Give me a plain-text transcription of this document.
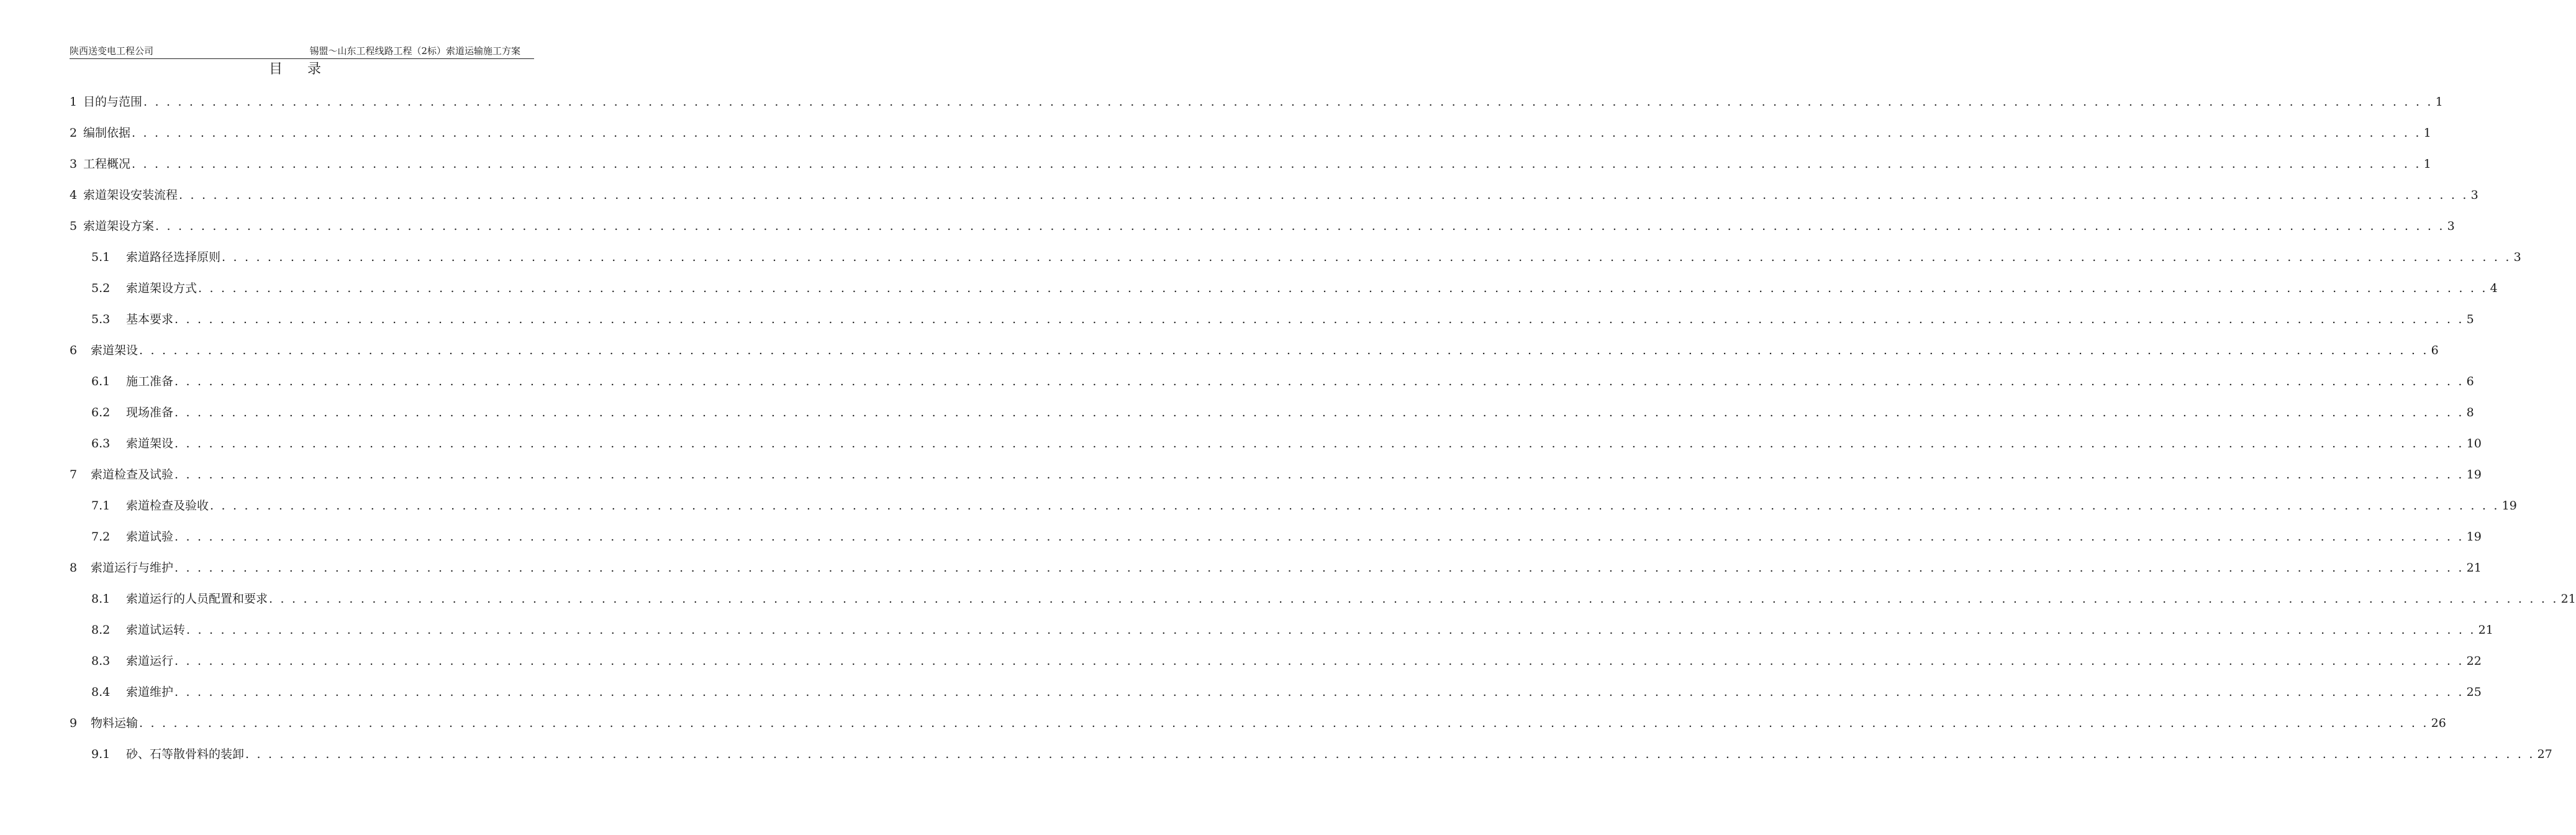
陕西送变电工程公司	锡盟～山东工程线路工程（2标）索道运输施工方案
目录
1 目的与范围 . . . . . . . . . . . . . . . . . . . . . . . . . . . . . . . . . . . . . . . . . . . . . . . . . . . . . . . . . . . . . . . . . . . . . . . . . . . . . . . . . . . . . . . . . . . . . . . . . . . . . . . . . . . . . . . . . . . . . . . . . . . . . . . . . . . . . . . . . . . . . . . . . . . . . . . . . . . . . . . . . . . . . . . . . . . . . . . . . . . . . . . . . . . . . . . . . . . . . . . . 1
2 编制依据 . . . . . . . . . . . . . . . . . . . . . . . . . . . . . . . . . . . . . . . . . . . . . . . . . . . . . . . . . . . . . . . . . . . . . . . . . . . . . . . . . . . . . . . . . . . . . . . . . . . . . . . . . . . . . . . . . . . . . . . . . . . . . . . . . . . . . . . . . . . . . . . . . . . . . . . . . . . . . . . . . . . . . . . . . . . . . . . . . . . . . . . . . . . . . . . . . . . . . . . . 1
3 工程概况 . . . . . . . . . . . . . . . . . . . . . . . . . . . . . . . . . . . . . . . . . . . . . . . . . . . . . . . . . . . . . . . . . . . . . . . . . . . . . . . . . . . . . . . . . . . . . . . . . . . . . . . . . . . . . . . . . . . . . . . . . . . . . . . . . . . . . . . . . . . . . . . . . . . . . . . . . . . . . . . . . . . . . . . . . . . . . . . . . . . . . . . . . . . . . . . . . . . . . . . . 1
4 索道架设安装流程 . . . . . . . . . . . . . . . . . . . . . . . . . . . . . . . . . . . . . . . . . . . . . . . . . . . . . . . . . . . . . . . . . . . . . . . . . . . . . . . . . . . . . . . . . . . . . . . . . . . . . . . . . . . . . . . . . . . . . . . . . . . . . . . . . . . . . . . . . . . . . . . . . . . . . . . . . . . . . . . . . . . . . . . . . . . . . . . . . . . . . . . . . . . . . . . . . . . . . . . . 3
5 索道架设方案 . . . . . . . . . . . . . . . . . . . . . . . . . . . . . . . . . . . . . . . . . . . . . . . . . . . . . . . . . . . . . . . . . . . . . . . . . . . . . . . . . . . . . . . . . . . . . . . . . . . . . . . . . . . . . . . . . . . . . . . . . . . . . . . . . . . . . . . . . . . . . . . . . . . . . . . . . . . . . . . . . . . . . . . . . . . . . . . . . . . . . . . . . . . . . . . . . . . . . . . . 3
5.1	索道路径选择原则 . . . . . . . . . . . . . . . . . . . . . . . . . . . . . . . . . . . . . . . . . . . . . . . . . . . . . . . . . . . . . . . . . . . . . . . . . . . . . . . . . . . . . . . . . . . . . . . . . . . . . . . . . . . . . . . . . . . . . . . . . . . . . . . . . . . . . . . . . . . . . . . . . . . . . . . . . . . . . . . . . . . . . . . . . . . . . . . . . . . . . . . . . . . . . . . . . . . . . . . . 3
5.2	索道架设方式 . . . . . . . . . . . . . . . . . . . . . . . . . . . . . . . . . . . . . . . . . . . . . . . . . . . . . . . . . . . . . . . . . . . . . . . . . . . . . . . . . . . . . . . . . . . . . . . . . . . . . . . . . . . . . . . . . . . . . . . . . . . . . . . . . . . . . . . . . . . . . . . . . . . . . . . . . . . . . . . . . . . . . . . . . . . . . . . . . . . . . . . . . . . . . . . . . . . . . . . . 4
5.3	基本要求 . . . . . . . . . . . . . . . . . . . . . . . . . . . . . . . . . . . . . . . . . . . . . . . . . . . . . . . . . . . . . . . . . . . . . . . . . . . . . . . . . . . . . . . . . . . . . . . . . . . . . . . . . . . . . . . . . . . . . . . . . . . . . . . . . . . . . . . . . . . . . . . . . . . . . . . . . . . . . . . . . . . . . . . . . . . . . . . . . . . . . . . . . . . . . . . . . . . . . . . . 5
6	索道架设 . . . . . . . . . . . . . . . . . . . . . . . . . . . . . . . . . . . . . . . . . . . . . . . . . . . . . . . . . . . . . . . . . . . . . . . . . . . . . . . . . . . . . . . . . . . . . . . . . . . . . . . . . . . . . . . . . . . . . . . . . . . . . . . . . . . . . . . . . . . . . . . . . . . . . . . . . . . . . . . . . . . . . . . . . . . . . . . . . . . . . . . . . . . . . . . . . . . . . . . . 6
6.1	施工准备 . . . . . . . . . . . . . . . . . . . . . . . . . . . . . . . . . . . . . . . . . . . . . . . . . . . . . . . . . . . . . . . . . . . . . . . . . . . . . . . . . . . . . . . . . . . . . . . . . . . . . . . . . . . . . . . . . . . . . . . . . . . . . . . . . . . . . . . . . . . . . . . . . . . . . . . . . . . . . . . . . . . . . . . . . . . . . . . . . . . . . . . . . . . . . . . . . . . . . . . . 6
6.2	现场准备 . . . . . . . . . . . . . . . . . . . . . . . . . . . . . . . . . . . . . . . . . . . . . . . . . . . . . . . . . . . . . . . . . . . . . . . . . . . . . . . . . . . . . . . . . . . . . . . . . . . . . . . . . . . . . . . . . . . . . . . . . . . . . . . . . . . . . . . . . . . . . . . . . . . . . . . . . . . . . . . . . . . . . . . . . . . . . . . . . . . . . . . . . . . . . . . . . . . . . . . . 8
6.3	索道架设 . . . . . . . . . . . . . . . . . . . . . . . . . . . . . . . . . . . . . . . . . . . . . . . . . . . . . . . . . . . . . . . . . . . . . . . . . . . . . . . . . . . . . . . . . . . . . . . . . . . . . . . . . . . . . . . . . . . . . . . . . . . . . . . . . . . . . . . . . . . . . . . . . . . . . . . . . . . . . . . . . . . . . . . . . . . . . . . . . . . . . . . . . . . . . . . . . . . . . . . . 10
7	索道检查及试验 . . . . . . . . . . . . . . . . . . . . . . . . . . . . . . . . . . . . . . . . . . . . . . . . . . . . . . . . . . . . . . . . . . . . . . . . . . . . . . . . . . . . . . . . . . . . . . . . . . . . . . . . . . . . . . . . . . . . . . . . . . . . . . . . . . . . . . . . . . . . . . . . . . . . . . . . . . . . . . . . . . . . . . . . . . . . . . . . . . . . . . . . . . . . . . . . . . . . . . . . 19
7.1	索道检查及验收 . . . . . . . . . . . . . . . . . . . . . . . . . . . . . . . . . . . . . . . . . . . . . . . . . . . . . . . . . . . . . . . . . . . . . . . . . . . . . . . . . . . . . . . . . . . . . . . . . . . . . . . . . . . . . . . . . . . . . . . . . . . . . . . . . . . . . . . . . . . . . . . . . . . . . . . . . . . . . . . . . . . . . . . . . . . . . . . . . . . . . . . . . . . . . . . . . . . . . . . . 19
7.2	索道试验 . . . . . . . . . . . . . . . . . . . . . . . . . . . . . . . . . . . . . . . . . . . . . . . . . . . . . . . . . . . . . . . . . . . . . . . . . . . . . . . . . . . . . . . . . . . . . . . . . . . . . . . . . . . . . . . . . . . . . . . . . . . . . . . . . . . . . . . . . . . . . . . . . . . . . . . . . . . . . . . . . . . . . . . . . . . . . . . . . . . . . . . . . . . . . . . . . . . . . . . . 19
8	索道运行与维护 . . . . . . . . . . . . . . . . . . . . . . . . . . . . . . . . . . . . . . . . . . . . . . . . . . . . . . . . . . . . . . . . . . . . . . . . . . . . . . . . . . . . . . . . . . . . . . . . . . . . . . . . . . . . . . . . . . . . . . . . . . . . . . . . . . . . . . . . . . . . . . . . . . . . . . . . . . . . . . . . . . . . . . . . . . . . . . . . . . . . . . . . . . . . . . . . . . . . . . . . 21
8.1	索道运行的人员配置和要求 . . . . . . . . . . . . . . . . . . . . . . . . . . . . . . . . . . . . . . . . . . . . . . . . . . . . . . . . . . . . . . . . . . . . . . . . . . . . . . . . . . . . . . . . . . . . . . . . . . . . . . . . . . . . . . . . . . . . . . . . . . . . . . . . . . . . . . . . . . . . . . . . . . . . . . . . . . . . . . . . . . . . . . . . . . . . . . . . . . . . . . . . . . . . . . . . . . . . . . . . 21
8.2	索道试运转 . . . . . . . . . . . . . . . . . . . . . . . . . . . . . . . . . . . . . . . . . . . . . . . . . . . . . . . . . . . . . . . . . . . . . . . . . . . . . . . . . . . . . . . . . . . . . . . . . . . . . . . . . . . . . . . . . . . . . . . . . . . . . . . . . . . . . . . . . . . . . . . . . . . . . . . . . . . . . . . . . . . . . . . . . . . . . . . . . . . . . . . . . . . . . . . . . . . . . . . . 21
8.3	索道运行 . . . . . . . . . . . . . . . . . . . . . . . . . . . . . . . . . . . . . . . . . . . . . . . . . . . . . . . . . . . . . . . . . . . . . . . . . . . . . . . . . . . . . . . . . . . . . . . . . . . . . . . . . . . . . . . . . . . . . . . . . . . . . . . . . . . . . . . . . . . . . . . . . . . . . . . . . . . . . . . . . . . . . . . . . . . . . . . . . . . . . . . . . . . . . . . . . . . . . . . . 22
8.4	索道维护 . . . . . . . . . . . . . . . . . . . . . . . . . . . . . . . . . . . . . . . . . . . . . . . . . . . . . . . . . . . . . . . . . . . . . . . . . . . . . . . . . . . . . . . . . . . . . . . . . . . . . . . . . . . . . . . . . . . . . . . . . . . . . . . . . . . . . . . . . . . . . . . . . . . . . . . . . . . . . . . . . . . . . . . . . . . . . . . . . . . . . . . . . . . . . . . . . . . . . . . . 25
9	物料运输 . . . . . . . . . . . . . . . . . . . . . . . . . . . . . . . . . . . . . . . . . . . . . . . . . . . . . . . . . . . . . . . . . . . . . . . . . . . . . . . . . . . . . . . . . . . . . . . . . . . . . . . . . . . . . . . . . . . . . . . . . . . . . . . . . . . . . . . . . . . . . . . . . . . . . . . . . . . . . . . . . . . . . . . . . . . . . . . . . . . . . . . . . . . . . . . . . . . . . . . . 26
9.1	砂、石等散骨料的装卸 . . . . . . . . . . . . . . . . . . . . . . . . . . . . . . . . . . . . . . . . . . . . . . . . . . . . . . . . . . . . . . . . . . . . . . . . . . . . . . . . . . . . . . . . . . . . . . . . . . . . . . . . . . . . . . . . . . . . . . . . . . . . . . . . . . . . . . . . . . . . . . . . . . . . . . . . . . . . . . . . . . . . . . . . . . . . . . . . . . . . . . . . . . . . . . . . . . . . . . . . 27
